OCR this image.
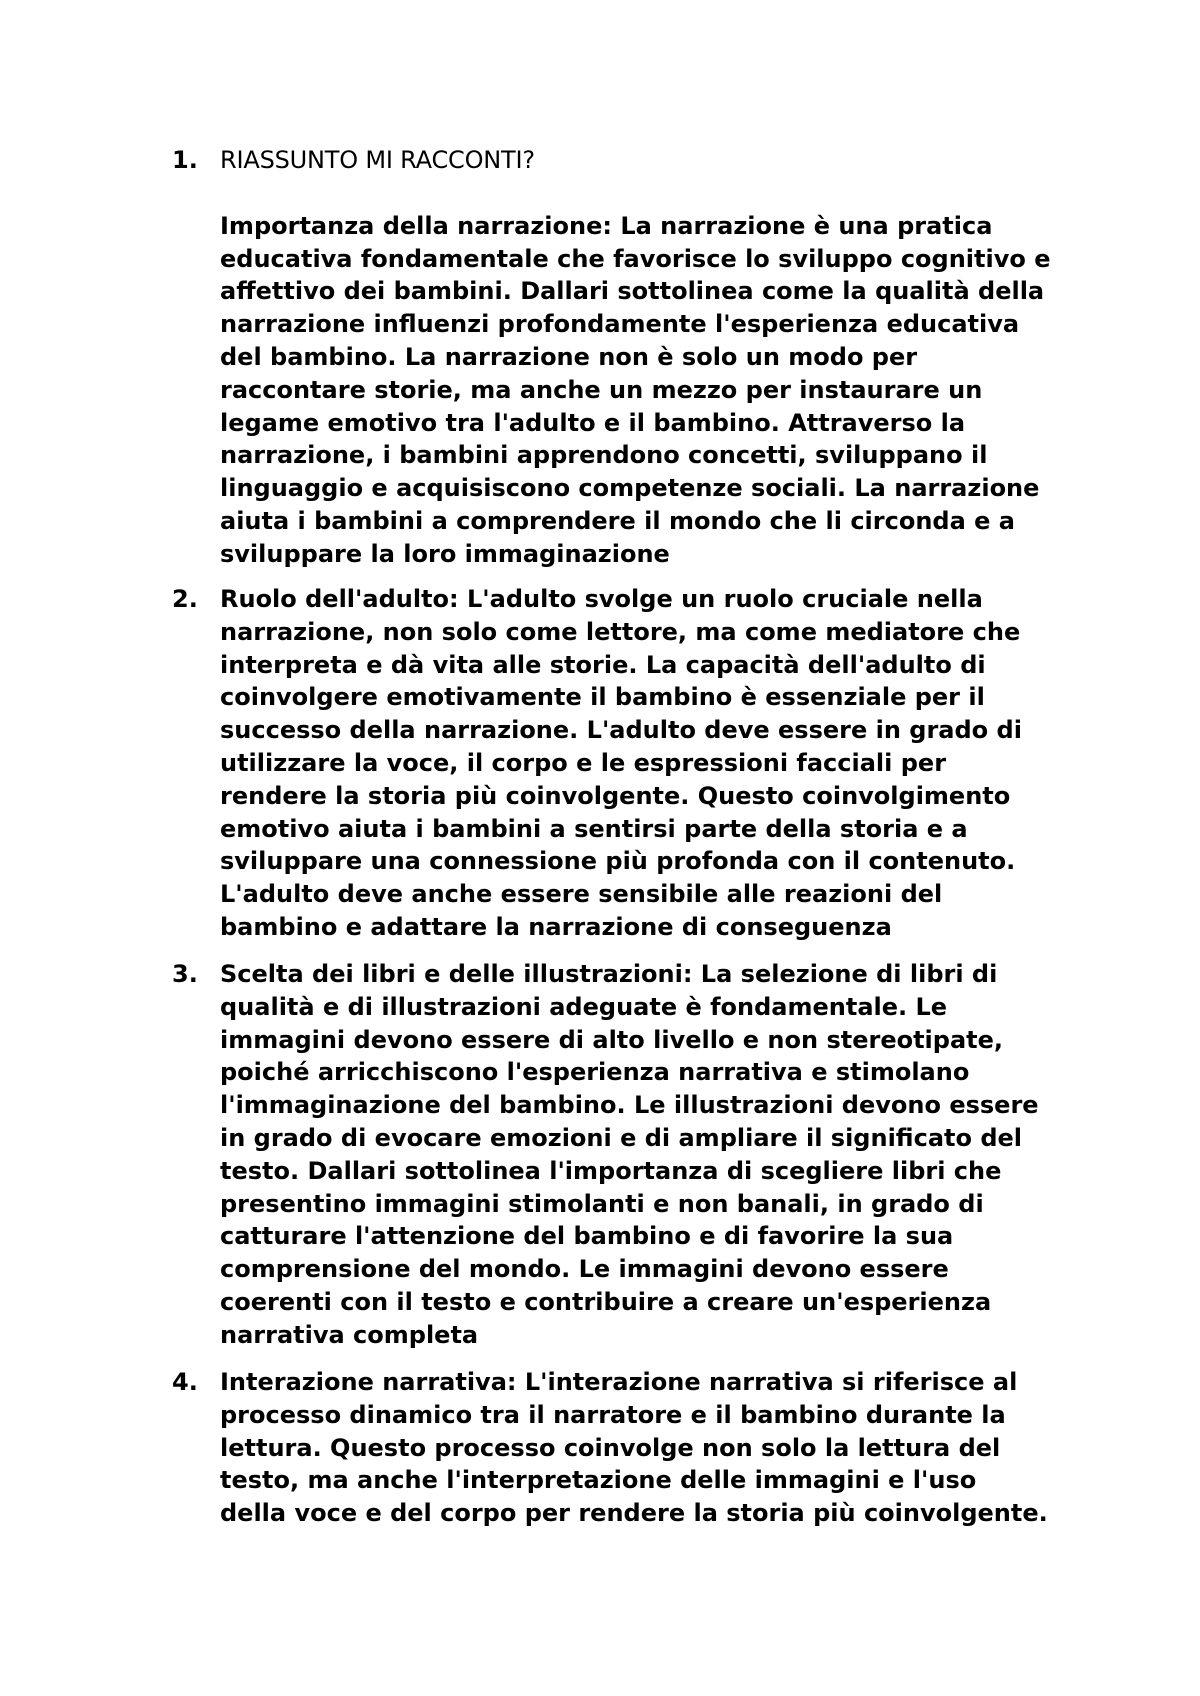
1. RIASSUNTO MI RACCONTI?
Importanza della narrazione: La narrazione è una pratica
educativa fondamentale che favorisce lo sviluppo cognitivo e
affettivo dei bambini. Dallari sottolinea come la qualità della
narrazione influenzi profondamente l'esperienza educativa
del bambino. La narrazione non è solo un modo per
raccontare storie, ma anche un mezzo per instaurare un
legame emotivo tra l'adulto e il bambino. Attraverso la
narrazione, i bambini apprendono concetti, sviluppano il
linguaggio e acquisiscono competenze sociali. La narrazione
aiuta i bambini a comprendere il mondo che li circonda e a
sviluppare la loro immaginazione
2. Ruolo dell'adulto: L'adulto svolge un ruolo cruciale nella
narrazione, non solo come lettore, ma come mediatore che
interpreta e dà vita alle storie. La capacità dell'adulto di
coinvolgere emotivamente il bambino è essenziale per il
successo della narrazione. L'adulto deve essere in grado di
utilizzare la voce, il corpo e le espressioni facciali per
rendere la storia più coinvolgente. Questo coinvolgimento
emotivo aiuta i bambini a sentirsi parte della storia e a
sviluppare una connessione più profonda con il contenuto.
L'adulto deve anche essere sensibile alle reazioni del
bambino e adattare la narrazione di conseguenza
3. Scelta dei libri e delle illustrazioni: La selezione di libri di
qualità e di illustrazioni adeguate è fondamentale. Le
immagini devono essere di alto livello e non stereotipate,
poiché arricchiscono l'esperienza narrativa e stimolano
l'immaginazione del bambino. Le illustrazioni devono essere
in grado di evocare emozioni e di ampliare il significato del
testo. Dallari sottolinea l'importanza di scegliere libri che
presentino immagini stimolanti e non banali, in grado di
catturare l'attenzione del bambino e di favorire la sua
comprensione del mondo. Le immagini devono essere
coerenti con il testo e contribuire a creare un'esperienza
narrativa completa
4. Interazione narrativa: L'interazione narrativa si riferisce al
processo dinamico tra il narratore e il bambino durante la
lettura. Questo processo coinvolge non solo la lettura del
testo, ma anche l'interpretazione delle immagini e l'uso
della voce e del corpo per rendere la storia più coinvolgente.
